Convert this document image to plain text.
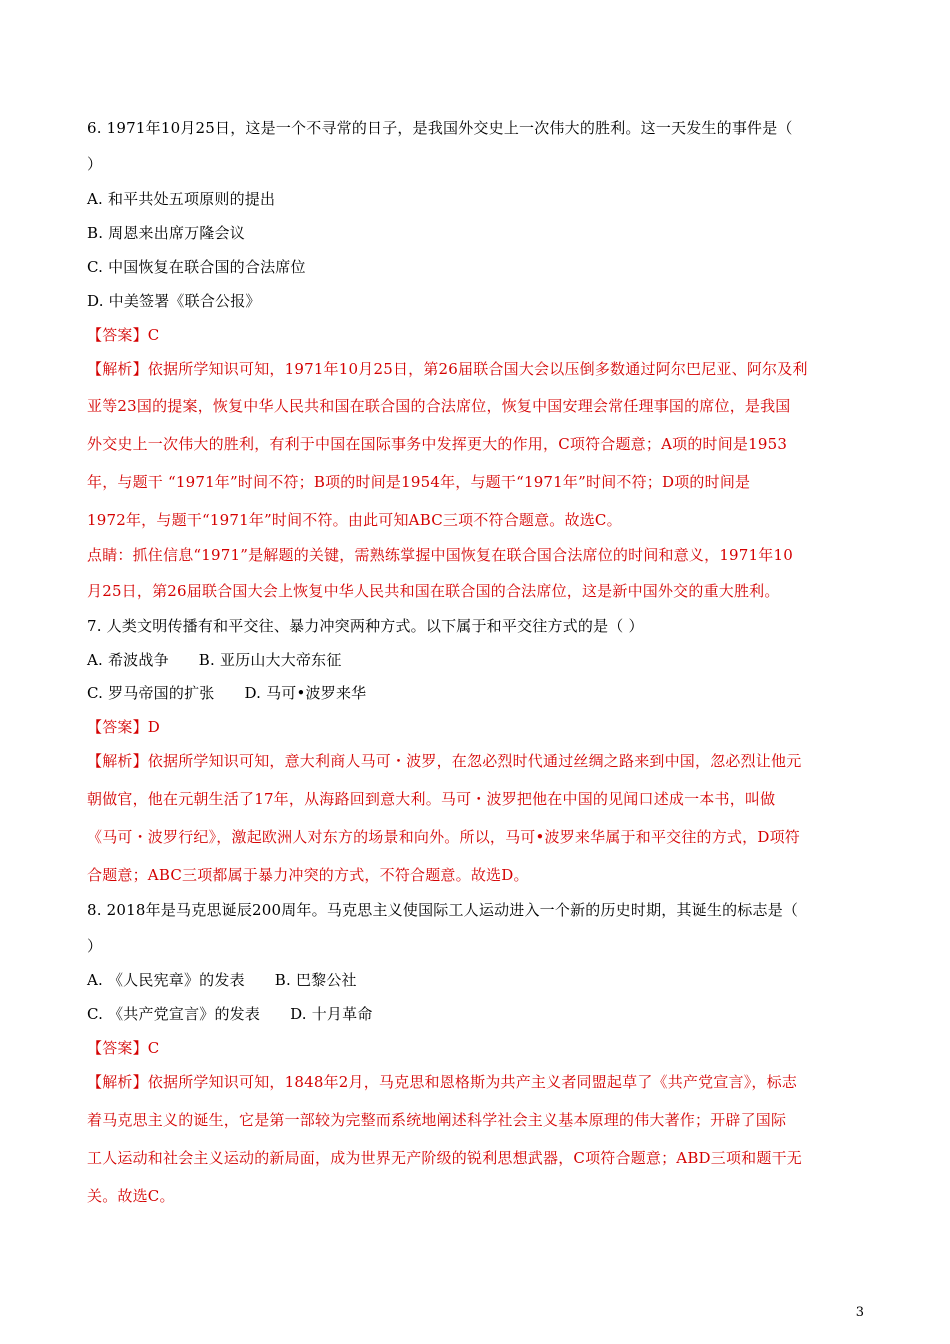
6. 1971年10月25日，这是一个不寻常的日子，是我国外交史上一次伟大的胜利。这一天发生的事件是（
）
A. 和平共处五项原则的提出
B. 周恩来出席万隆会议
C. 中国恢复在联合国的合法席位
D. 中美签署《联合公报》
【答案】C
【解析】依据所学知识可知，1971年10月25日，第26届联合国大会以压倒多数通过阿尔巴尼亚、阿尔及利
亚等23国的提案，恢复中华人民共和国在联合国的合法席位，恢复中国安理会常任理事国的席位，是我国
外交史上一次伟大的胜利，有利于中国在国际事务中发挥更大的作用，C项符合题意；A项的时间是1953
年，与题干 “1971年”时间不符；B项的时间是1954年，与题干“1971年”时间不符；D项的时间是
1972年，与题干“1971年”时间不符。由此可知ABC三项不符合题意。故选C。
点睛：抓住信息“1971”是解题的关键，需熟练掌握中国恢复在联合国合法席位的时间和意义，1971年10
月25日，第26届联合国大会上恢复中华人民共和国在联合国的合法席位，这是新中国外交的重大胜利。
7. 人类文明传播有和平交往、暴力冲突两种方式。以下属于和平交往方式的是（ ）
A. 希波战争 B. 亚历山大大帝东征
C. 罗马帝国的扩张 D. 马可•波罗来华
【答案】D
【解析】依据所学知识可知，意大利商人马可・波罗，在忽必烈时代通过丝绸之路来到中国，忽必烈让他元
朝做官，他在元朝生活了17年，从海路回到意大利。马可・波罗把他在中国的见闻口述成一本书，叫做
《马可・波罗行纪》，激起欧洲人对东方的场景和向外。所以，马可•波罗来华属于和平交往的方式，D项符
合题意；ABC三项都属于暴力冲突的方式，不符合题意。故选D。
8. 2018年是马克思诞辰200周年。马克思主义使国际工人运动进入一个新的历史时期，其诞生的标志是（
）
A. 《人民宪章》的发表 B. 巴黎公社
C. 《共产党宣言》的发表 D. 十月革命
【答案】C
【解析】依据所学知识可知，1848年2月，马克思和恩格斯为共产主义者同盟起草了《共产党宣言》，标志
着马克思主义的诞生，它是第一部较为完整而系统地阐述科学社会主义基本原理的伟大著作；开辟了国际
工人运动和社会主义运动的新局面，成为世界无产阶级的锐利思想武器，C项符合题意；ABD三项和题干无
关。故选C。
3
